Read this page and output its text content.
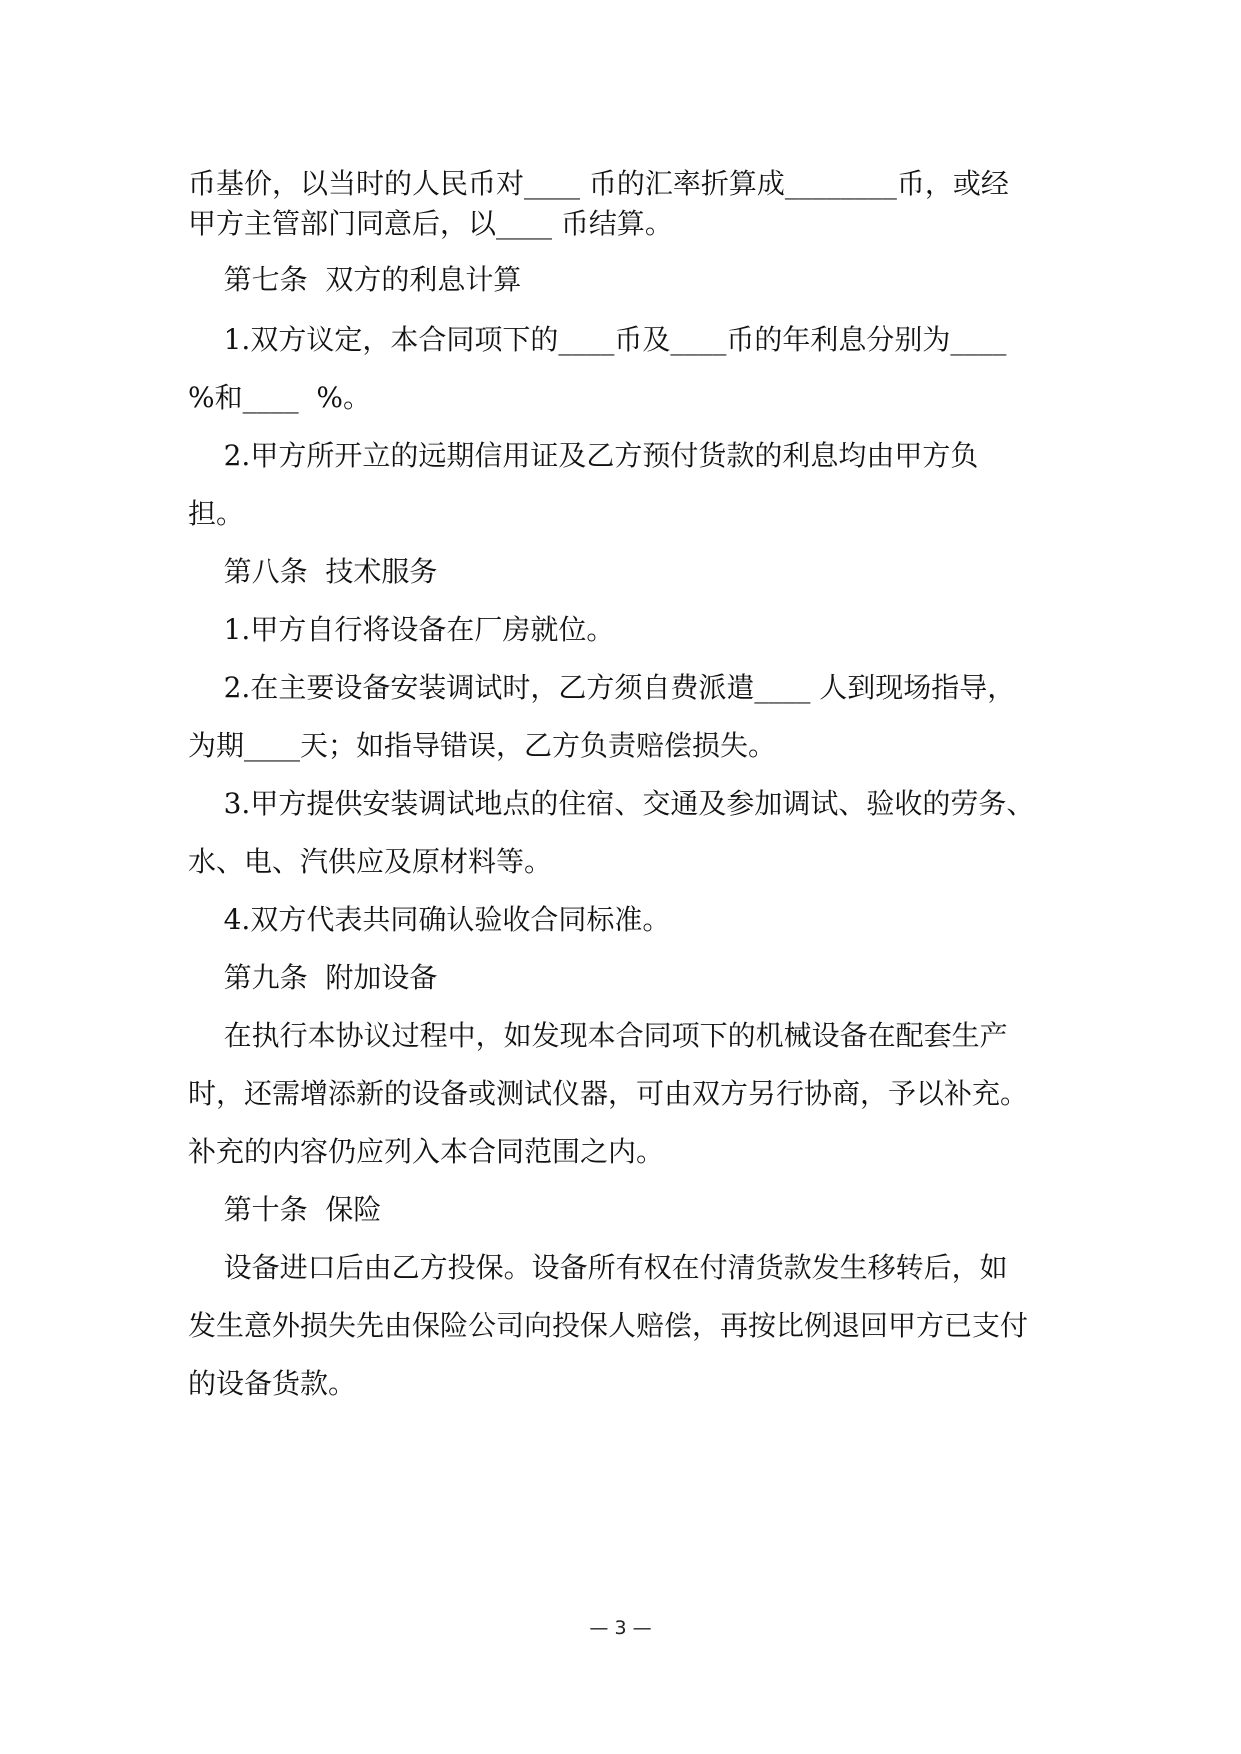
币基价，以当时的人民币对____ 币的汇率折算成________币，或经

甲方主管部门同意后，以____ 币结算。

第七条  双方的利息计算

1.双方议定，本合同项下的____币及____币的年利息分别为____

%和____  %。

2.甲方所开立的远期信用证及乙方预付货款的利息均由甲方负

担。

第八条  技术服务

1.甲方自行将设备在厂房就位。

2.在主要设备安装调试时，乙方须自费派遣____ 人到现场指导，

为期____天；如指导错误，乙方负责赔偿损失。

3.甲方提供安装调试地点的住宿、交通及参加调试、验收的劳务、

水、电、汽供应及原材料等。

4.双方代表共同确认验收合同标准。

第九条  附加设备

在执行本协议过程中，如发现本合同项下的机械设备在配套生产

时，还需增添新的设备或测试仪器，可由双方另行协商，予以补充。

补充的内容仍应列入本合同范围之内。

第十条  保险

设备进口后由乙方投保。设备所有权在付清货款发生移转后，如

发生意外损失先由保险公司向投保人赔偿，再按比例退回甲方已支付

的设备货款。

— 3 —
